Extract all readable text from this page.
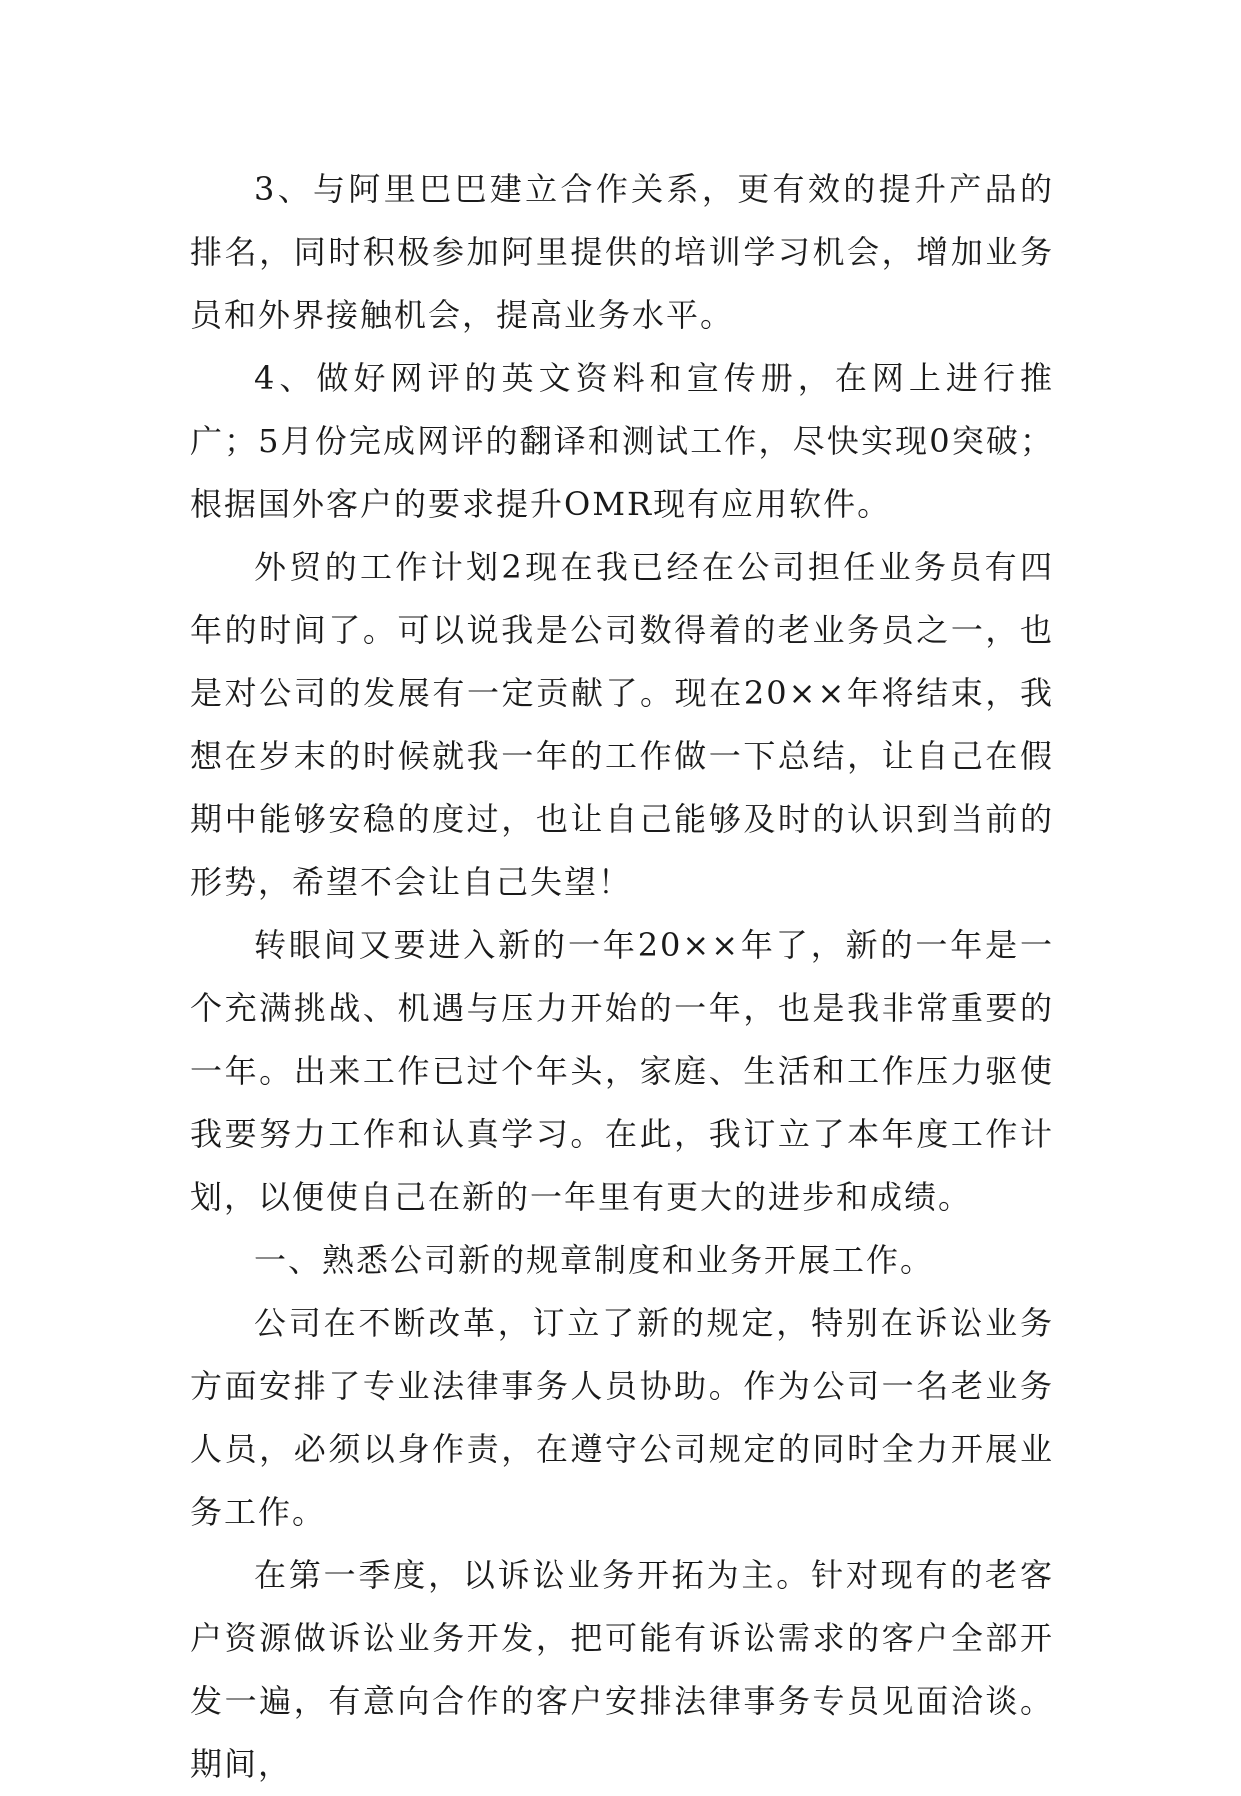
3、与阿里巴巴建立合作关系，更有效的提升产品的排名，同时积极参加阿里提供的培训学习机会，增加业务员和外界接触机会，提高业务水平。

4、做好网评的英文资料和宣传册，在网上进行推广；5月份完成网评的翻译和测试工作，尽快实现0突破；根据国外客户的要求提升OMR现有应用软件。

外贸的工作计划2现在我已经在公司担任业务员有四年的时间了。可以说我是公司数得着的老业务员之一，也是对公司的发展有一定贡献了。现在20××年将结束，我想在岁末的时候就我一年的工作做一下总结，让自己在假期中能够安稳的度过，也让自己能够及时的认识到当前的形势，希望不会让自己失望！

转眼间又要进入新的一年20××年了，新的一年是一个充满挑战、机遇与压力开始的一年，也是我非常重要的一年。出来工作已过个年头，家庭、生活和工作压力驱使我要努力工作和认真学习。在此，我订立了本年度工作计划，以便使自己在新的一年里有更大的进步和成绩。

一、熟悉公司新的规章制度和业务开展工作。

公司在不断改革，订立了新的规定，特别在诉讼业务方面安排了专业法律事务人员协助。作为公司一名老业务人员，必须以身作责，在遵守公司规定的同时全力开展业务工作。

在第一季度，以诉讼业务开拓为主。针对现有的老客户资源做诉讼业务开发，把可能有诉讼需求的客户全部开发一遍，有意向合作的客户安排法律事务专员见面洽谈。期间，
